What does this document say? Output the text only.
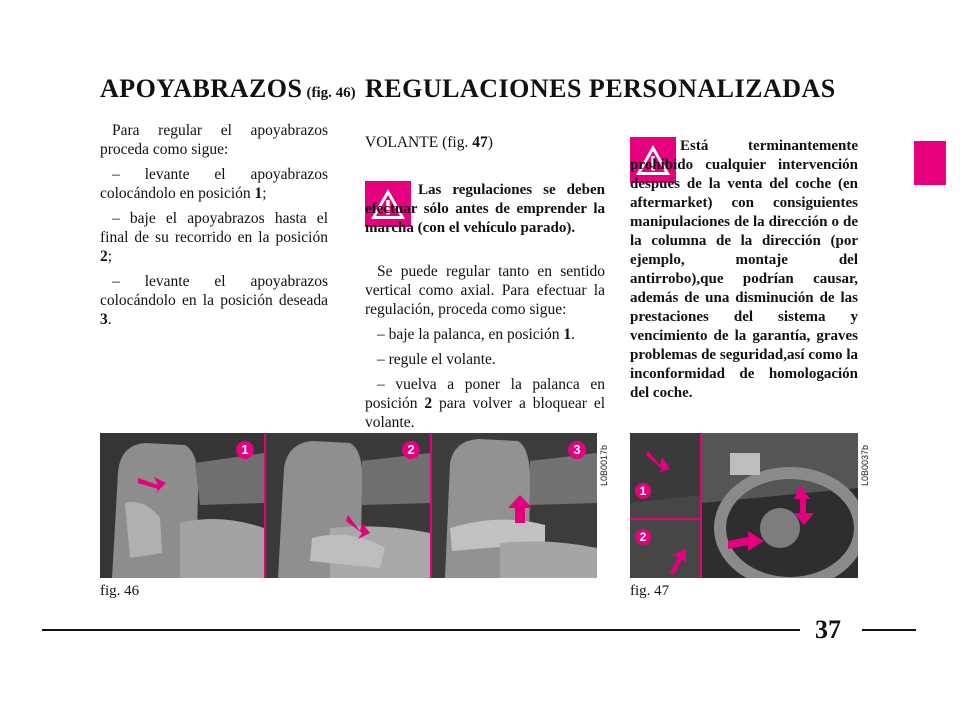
APOYABRAZOS (fig. 46)

Para regular el apoyabrazos proceda como sigue:

– levante el apoyabrazos colocándolo en posición 1;

– baje el apoyabrazos hasta el final de su recorrido en la posición 2;

– levante el apoyabrazos colocándolo en la posición deseada 3.

REGULACIONES PERSONALIZADAS
VOLANTE (fig. 47)
Las regulaciones se deben efectuar sólo antes de emprender la marcha (con el vehículo parado).

Se puede regular tanto en sentido vertical como axial. Para efectuar la regulación, proceda como sigue:

– baje la palanca, en posición 1.

– regule el volante.

– vuelva a poner la palanca en posición 2 para volver a bloquear el volante.

Está terminantemente prohibido cualquier intervención después de la venta del coche (en aftermarket) con consiguientes manipulaciones de la dirección o de la columna de la dirección (por ejemplo, montaje del antirrobo),que podrían causar, además de una disminución de las prestaciones del sistema y vencimiento de la garantía, graves problemas de seguridad,así como la inconformidad de homologación del coche.
1	2	3	L0B0017b
fig. 46
1
2
L0B0037b
fig. 47
37
